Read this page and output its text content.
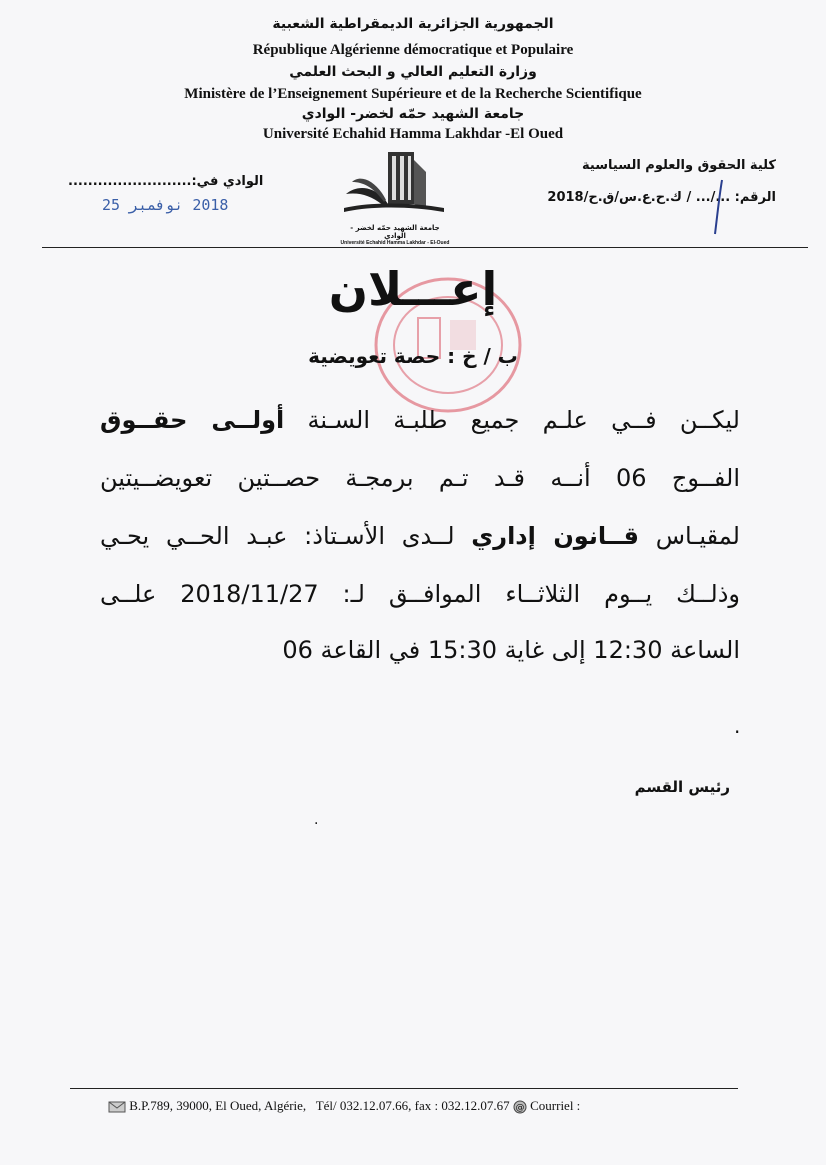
الجمهورية الجزائرية الديمقراطية الشعبية
République Algérienne démocratique et Populaire
وزارة التعليم العالي و البحث العلمي
Ministère de l’Enseignement Supérieure et de la Recherche Scientifique
جامعة الشهيد حمّه لخضر- الوادي
Université Echahid Hamma Lakhdar -El Oued
كلية الحقوق والعلوم السياسية
الرقم: .../... / ك.ح.ع.س/ق.ح/2018
الوادي في:.........................
2018 نوفمبر 25
جامعة الشهيد حمّه لخضر - الوادي
Université Echahid Hamma Lakhdar - El-Oued
إعـــلان
ب / خ : حصة تعويضية
ليكــن فــي علـم جميع طلبـة السـنة أولــى حقــوق
الفــوج 06 أنــه قـد تـم برمجـة حصــتين تعويضــيتين
لمقيـاس قــانون إداري لــدى الأسـتاذ: عبـد الحــي يحـي
وذلــك يــوم الثلاثــاء الموافــق لـ: 2018/11/27 علــى
الساعة 12:30 إلى غاية 15:30 في القاعة 06
.
.
رئيس القسم
B.P.789, 39000, El Oued, Algérie, Tél/ 032.12.07.66, fax : 032.12.07.67 @ Courriel :
